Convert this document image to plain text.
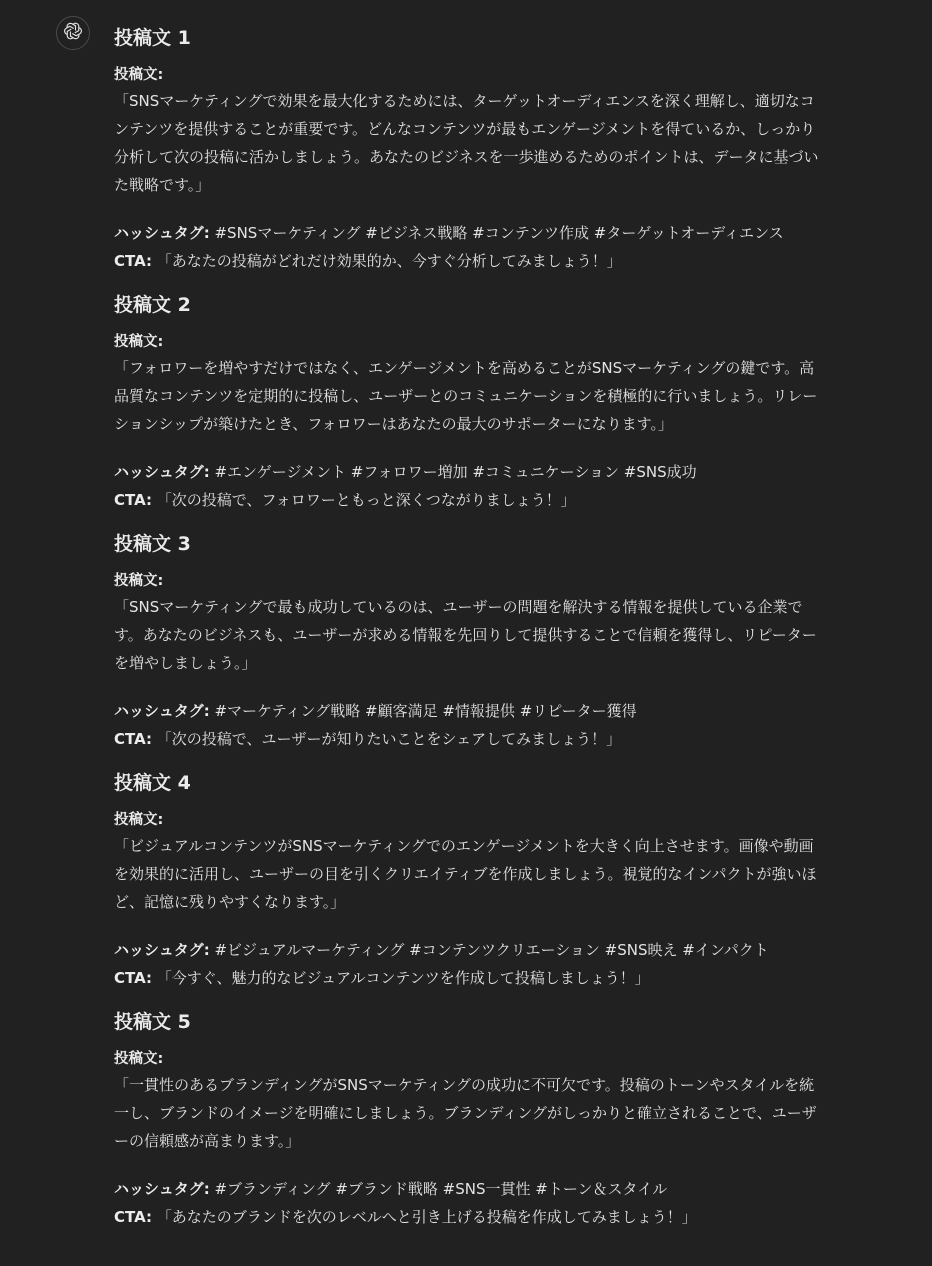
投稿文 1
投稿文:
「SNSマーケティングで効果を最大化するためには、ターゲットオーディエンスを深く理解し、適切なコンテンツを提供することが重要です。どんなコンテンツが最もエンゲージメントを得ているか、しっかり分析して次の投稿に活かしましょう。あなたのビジネスを一歩進めるためのポイントは、データに基づいた戦略です。」
ハッシュタグ: #SNSマーケティング #ビジネス戦略 #コンテンツ作成 #ターゲットオーディエンス
CTA: 「あなたの投稿がどれだけ効果的か、今すぐ分析してみましょう！」
投稿文 2
投稿文:
「フォロワーを増やすだけではなく、エンゲージメントを高めることがSNSマーケティングの鍵です。高品質なコンテンツを定期的に投稿し、ユーザーとのコミュニケーションを積極的に行いましょう。リレーションシップが築けたとき、フォロワーはあなたの最大のサポーターになります。」
ハッシュタグ: #エンゲージメント #フォロワー増加 #コミュニケーション #SNS成功
CTA: 「次の投稿で、フォロワーともっと深くつながりましょう！」
投稿文 3
投稿文:
「SNSマーケティングで最も成功しているのは、ユーザーの問題を解決する情報を提供している企業です。あなたのビジネスも、ユーザーが求める情報を先回りして提供することで信頼を獲得し、リピーターを増やしましょう。」
ハッシュタグ: #マーケティング戦略 #顧客満足 #情報提供 #リピーター獲得
CTA: 「次の投稿で、ユーザーが知りたいことをシェアしてみましょう！」
投稿文 4
投稿文:
「ビジュアルコンテンツがSNSマーケティングでのエンゲージメントを大きく向上させます。画像や動画を効果的に活用し、ユーザーの目を引くクリエイティブを作成しましょう。視覚的なインパクトが強いほど、記憶に残りやすくなります。」
ハッシュタグ: #ビジュアルマーケティング #コンテンツクリエーション #SNS映え #インパクト
CTA: 「今すぐ、魅力的なビジュアルコンテンツを作成して投稿しましょう！」
投稿文 5
投稿文:
「一貫性のあるブランディングがSNSマーケティングの成功に不可欠です。投稿のトーンやスタイルを統一し、ブランドのイメージを明確にしましょう。ブランディングがしっかりと確立されることで、ユーザーの信頼感が高まります。」
ハッシュタグ: #ブランディング #ブランド戦略 #SNS一貫性 #トーン＆スタイル
CTA: 「あなたのブランドを次のレベルへと引き上げる投稿を作成してみましょう！」
